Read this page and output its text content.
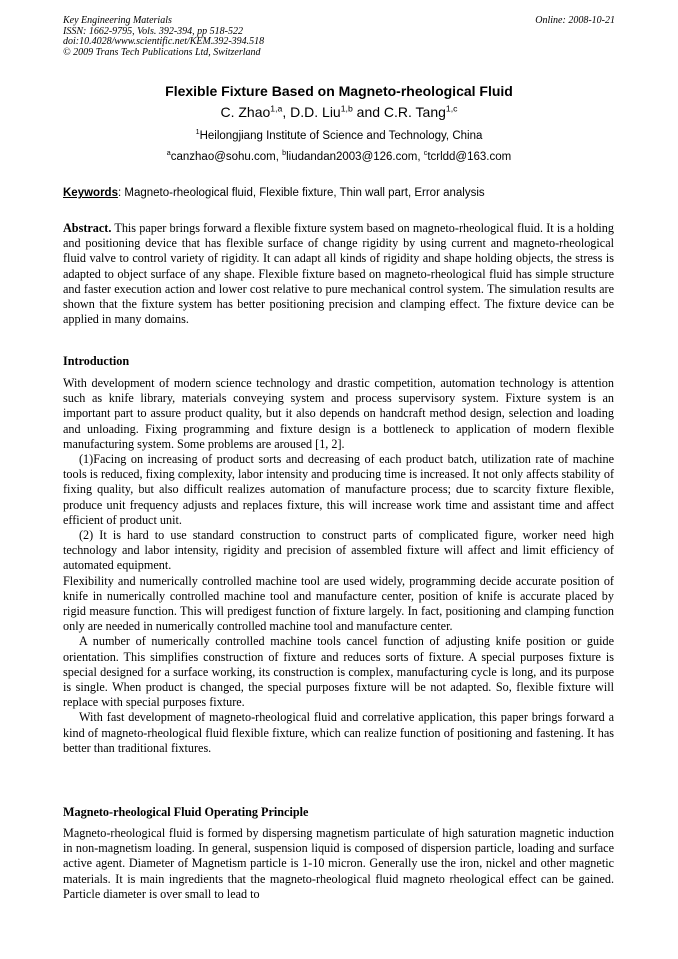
Key Engineering Materials
ISSN: 1662-9795, Vols. 392-394, pp 518-522
doi:10.4028/www.scientific.net/KEM.392-394.518
© 2009 Trans Tech Publications Ltd, Switzerland
Online: 2008-10-21
Flexible Fixture Based on Magneto-rheological Fluid
C. Zhao$^{1,a}$, D.D. Liu$^{1,b}$ and C.R. Tang$^{1,c}$
$^1$Heilongjiang Institute of Science and Technology, China
$^a$canzhao@sohu.com, $^b$liudandan2003@126.com, $^c$tcrldd@163.com
Keywords: Magneto-rheological fluid, Flexible fixture, Thin wall part, Error analysis

Abstract. This paper brings forward a flexible fixture system based on magneto-rheological fluid. It is a holding and positioning device that has flexible surface of change rigidity by using current and magneto-rheological fluid valve to control variety of rigidity. It can adapt all kinds of rigidity and shape holding objects, the stress is adapted to object surface of any shape. Flexible fixture based on magneto-rheological fluid has simple structure and faster execution action and lower cost relative to pure mechanical control system. The simulation results are shown that the fixture system has better positioning precision and clamping effect. The fixture device can be applied in many domains.

Introduction

With development of modern science technology and drastic competition, automation technology is attention such as knife library, materials conveying system and process supervisory system. Fixture system is an important part to assure product quality, but it also depends on handcraft method design, selection and loading and unloading. Fixing programming and fixture design is a bottleneck to application of modern flexible manufacturing system. Some problems are aroused [1, 2].

(1)Facing on increasing of product sorts and decreasing of each product batch, utilization rate of machine tools is reduced, fixing complexity, labor intensity and producing time is increased. It not only affects stability of fixing quality, but also difficult realizes automation of manufacture process; due to scarcity fixture flexible, produce unit frequency adjusts and replaces fixture, this will increase work time and assistant time and affect efficient of product unit.

(2) It is hard to use standard construction to construct parts of complicated figure, worker need high technology and labor intensity, rigidity and precision of assembled fixture will affect and limit efficiency of automated equipment.

Flexibility and numerically controlled machine tool are used widely, programming decide accurate position of knife in numerically controlled machine tool and manufacture center, position of knife is accurate placed by rigid measure function. This will predigest function of fixture largely. In fact, positioning and clamping function only are needed in numerically controlled machine tool and manufacture center.

A number of numerically controlled machine tools cancel function of adjusting knife position or guide orientation. This simplifies construction of fixture and reduces sorts of fixture. A special purposes fixture is special designed for a surface working, its construction is complex, manufacturing cycle is long, and its purpose is single. When product is changed, the special purposes fixture will be not adapted. So, flexible fixture will replace with special purposes fixture.

With fast development of magneto-rheological fluid and correlative application, this paper brings forward a kind of magneto-rheological fluid flexible fixture, which can realize function of positioning and fastening. It has better than traditional fixtures.

Magneto-rheological Fluid Operating Principle

Magneto-rheological fluid is formed by dispersing magnetism particulate of high saturation magnetic induction in non-magnetism loading. In general, suspension liquid is composed of dispersion particle, loading and surface active agent. Diameter of Magnetism particle is 1-10 micron. Generally use the iron, nickel and other magnetic materials. It is main ingredients that the magneto-rheological fluid magneto rheological effect can be gained. Particle diameter is over small to lead to
